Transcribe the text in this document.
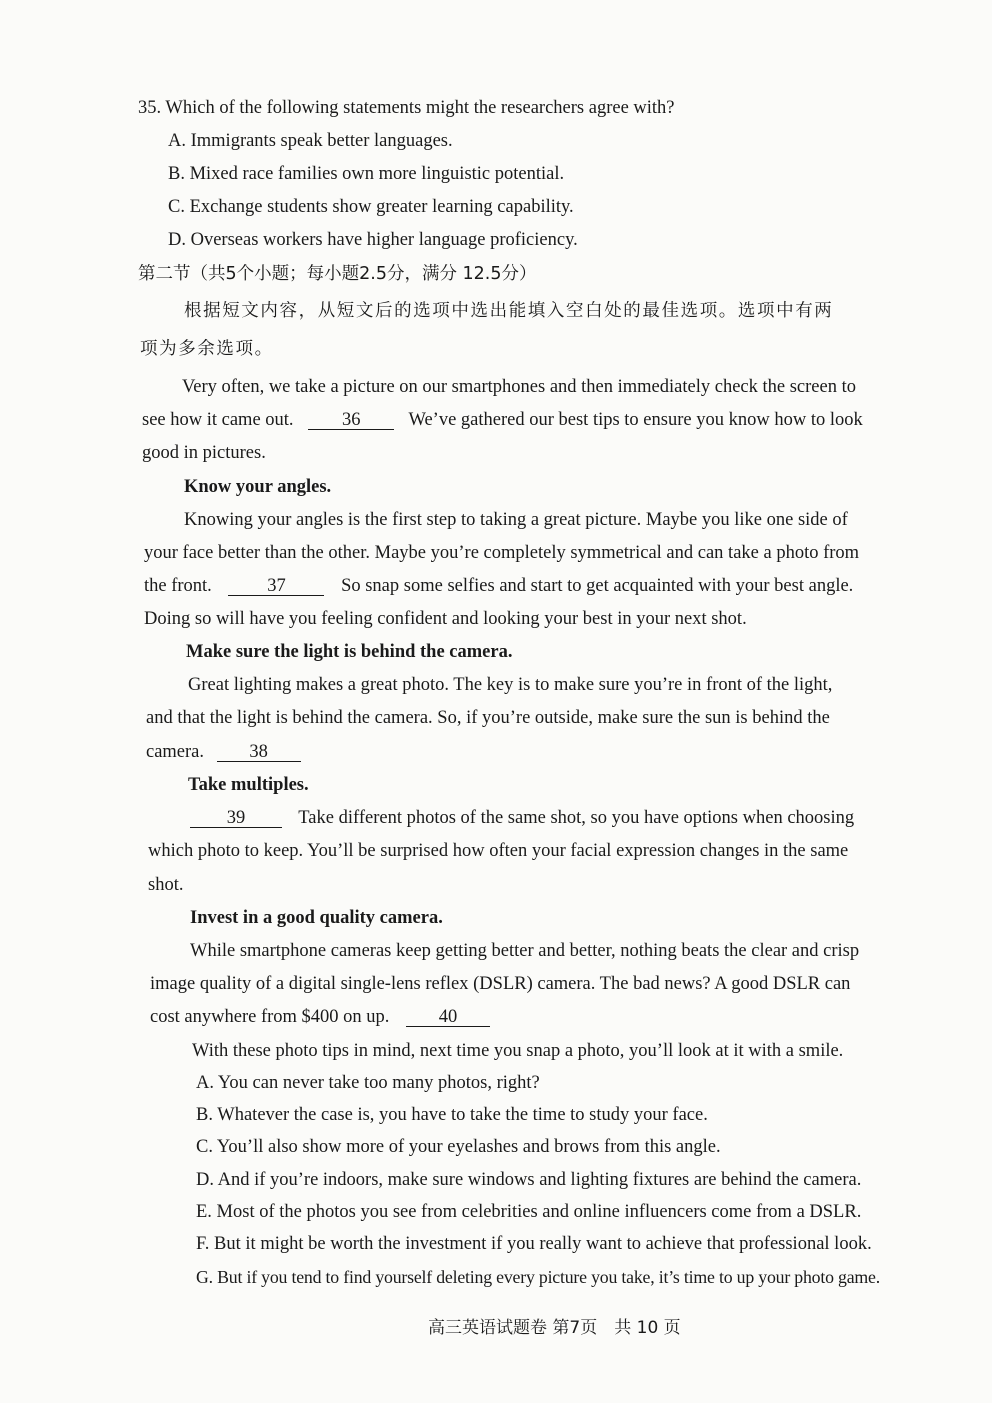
35. Which of the following statements might the researchers agree with?
A. Immigrants speak better languages.
B. Mixed race families own more linguistic potential.
C. Exchange students show greater learning capability.
D. Overseas workers have higher language proficiency.
第二节（共5个小题；每小题2.5分，满分 12.5分）
根据短文内容，从短文后的选项中选出能填入空白处的最佳选项。选项中有两
项为多余选项。
Very often, we take a picture on our smartphones and then immediately check the screen to
see how it came out.	36	We’ve gathered our best tips to ensure you know how to look
good in pictures.
Know your angles.
Knowing your angles is the first step to taking a great picture. Maybe you like one side of
your face better than the other. Maybe you’re completely symmetrical and can take a photo from
the front.	37	So snap some selfies and start to get acquainted with your best angle.
Doing so will have you feeling confident and looking your best in your next shot.
Make sure the light is behind the camera.
Great lighting makes a great photo. The key is to make sure you’re in front of the light,
and that the light is behind the camera. So, if you’re outside, make sure the sun is behind the
camera. 38
Take multiples.
39	Take different photos of the same shot, so you have options when choosing
which photo to keep. You’ll be surprised how often your facial expression changes in the same
shot.
Invest in a good quality camera.
While smartphone cameras keep getting better and better, nothing beats the clear and crisp
image quality of a digital single-lens reflex (DSLR) camera. The bad news? A good DSLR can
cost anywhere from $400 on up.	40
With these photo tips in mind, next time you snap a photo, you’ll look at it with a smile.
A. You can never take too many photos, right?
B. Whatever the case is, you have to take the time to study your face.
C. You’ll also show more of your eyelashes and brows from this angle.
D. And if you’re indoors, make sure windows and lighting fixtures are behind the camera.
E. Most of the photos you see from celebrities and online influencers come from a DSLR.
F. But it might be worth the investment if you really want to achieve that professional look.
G. But if you tend to find yourself deleting every picture you take, it’s time to up your photo game.
高三英语试题卷 第7页　共 10 页
